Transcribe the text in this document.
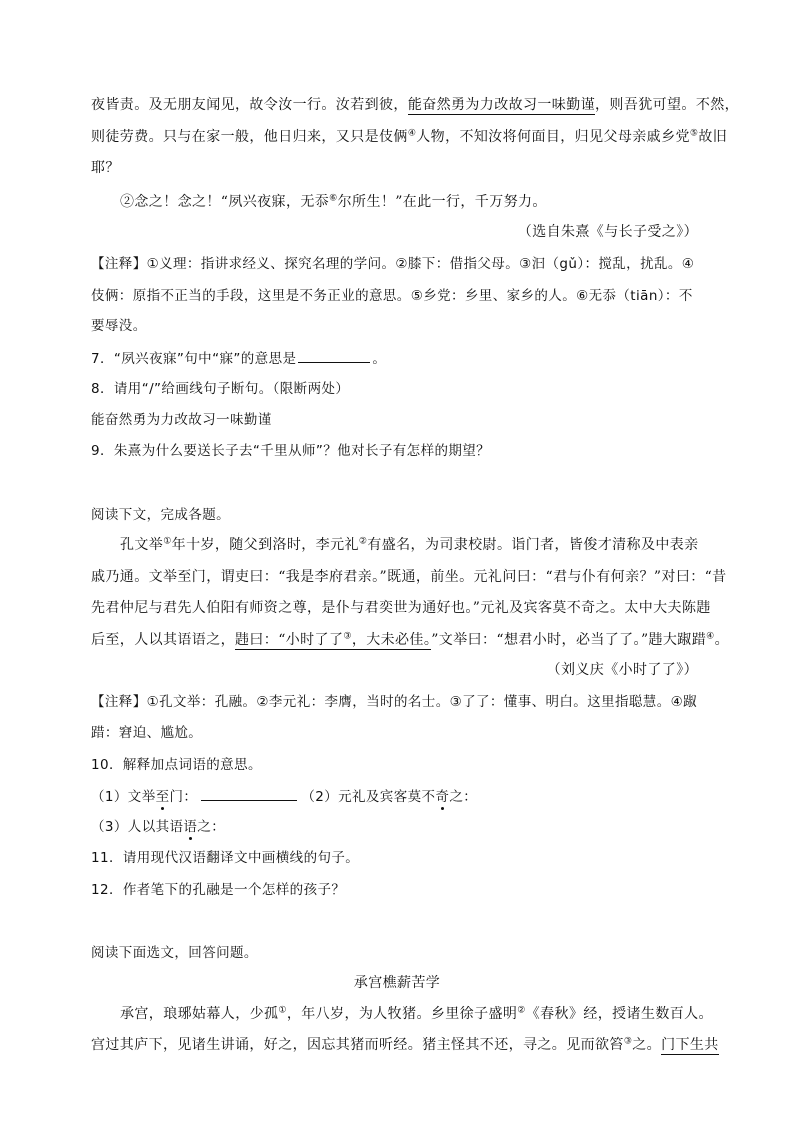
夜皆责。及无朋友闻见，故令汝一行。汝若到彼，能奋然勇为力改故习一味勤谨，则吾犹可望。不然，
则徒劳费。只与在家一般，他日归来，又只是伎俩④人物，不知汝将何面目，归见父母亲戚乡党⑤故旧
耶？
②念之！念之！“夙兴夜寐，无忝⑥尔所生！”在此一行，千万努力。
（选自朱熹《与长子受之》）
【注释】①义理：指讲求经义、探究名理的学问。②膝下：借指父母。③汩（gǔ）：搅乱，扰乱。④
伎俩：原指不正当的手段，这里是不务正业的意思。⑤乡党：乡里、家乡的人。⑥无忝（tiān）：不
要辱没。
7．“夙兴夜寐”句中“寐”的意思是	。
8．请用“/”给画线句子断句。（限断两处）
能奋然勇为力改故习一味勤谨
9．朱熹为什么要送长子去“千里从师”？他对长子有怎样的期望？
阅读下文，完成各题。
孔文举①年十岁，随父到洛时，李元礼②有盛名，为司隶校尉。诣门者，皆俊才清称及中表亲
戚乃通。文举至门，谓吏曰：“我是李府君亲。”既通，前坐。元礼问曰：“君与仆有何亲？”对曰：“昔
先君仲尼与君先人伯阳有师资之尊，是仆与君奕世为通好也。”元礼及宾客莫不奇之。太中大夫陈韪
后至，人以其语语之，韪曰：“小时了了③，大未必佳。”文举曰：“想君小时，必当了了。”韪大踧踖④。
（刘义庆《小时了了》）
【注释】①孔文举：孔融。②李元礼：李膺，当时的名士。③了了：懂事、明白。这里指聪慧。④踧
踖：窘迫、尴尬。
10．解释加点词语的意思。
（1）文举至门：	（2）元礼及宾客莫不奇之：
（3）人以其语语之：
11．请用现代汉语翻译文中画横线的句子。
12．作者笔下的孔融是一个怎样的孩子？
阅读下面选文，回答问题。
承宫樵薪苦学
承宫，琅琊姑幕人，少孤①，年八岁，为人牧猪。乡里徐子盛明②《春秋》经，授诸生数百人。
宫过其庐下，见诸生讲诵，好之，因忘其猪而听经。猪主怪其不还，寻之。见而欲笞③之。门下生共
